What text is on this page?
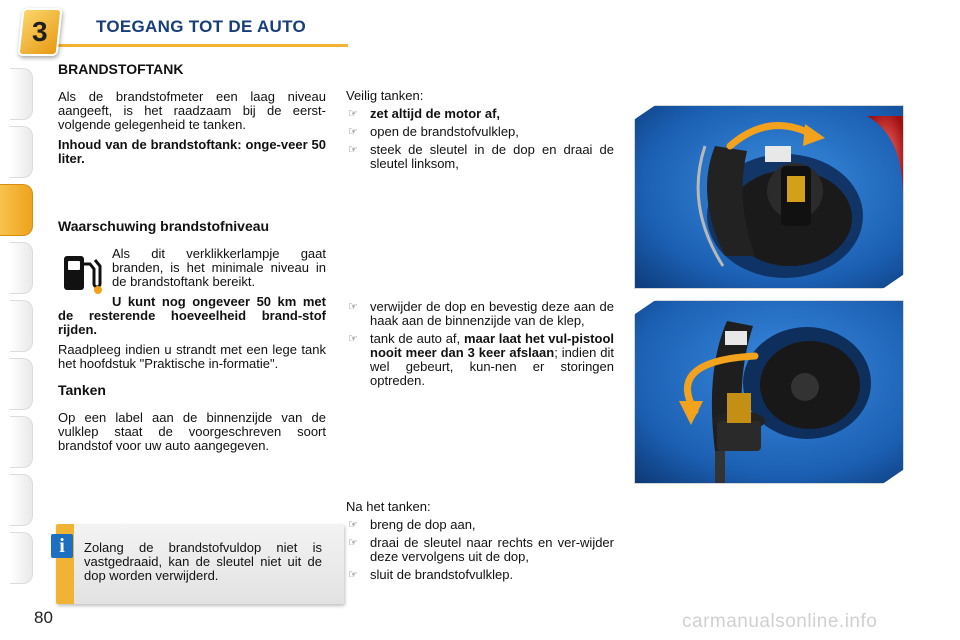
3	TOEGANG TOT DE AUTO

BRANDSTOFTANK

Als de brandstofmeter een laag niveau aangeeft, is het raadzaam bij de eerst-volgende gelegenheid te tanken.

Inhoud van de brandstoftank: onge-veer 50 liter.

Waarschuwing brandstofniveau

Als dit verklikkerlampje gaat branden, is het minimale niveau in de brandstoftank bereikt.

U kunt nog ongeveer 50 km met de resterende hoeveelheid brand-stof rijden.

Raadpleeg indien u strandt met een lege tank het hoofdstuk "Praktische in-formatie".

Tanken

Op een label aan de binnenzijde van de vulklep staat de voorgeschreven soort brandstof voor uw auto aangegeven.

i	Zolang de brandstofvuldop niet is vastgedraaid, kan de sleutel niet uit de dop worden verwijderd.

Veilig tanken:

☞ zet altijd de motor af,
☞ open de brandstofvulklep,
☞ steek de sleutel in de dop en draai de sleutel linksom,
☞ verwijder de dop en bevestig deze aan de haak aan de binnenzijde van de klep,
☞ tank de auto af, maar laat het vul-pistool nooit meer dan 3 keer afslaan; indien dit wel gebeurt, kun-nen er storingen optreden.

Na het tanken:

☞ breng de dop aan,
☞ draai de sleutel naar rechts en ver-wijder deze vervolgens uit de dop,
☞ sluit de brandstofvulklep.
80	carmanualsonline.info
